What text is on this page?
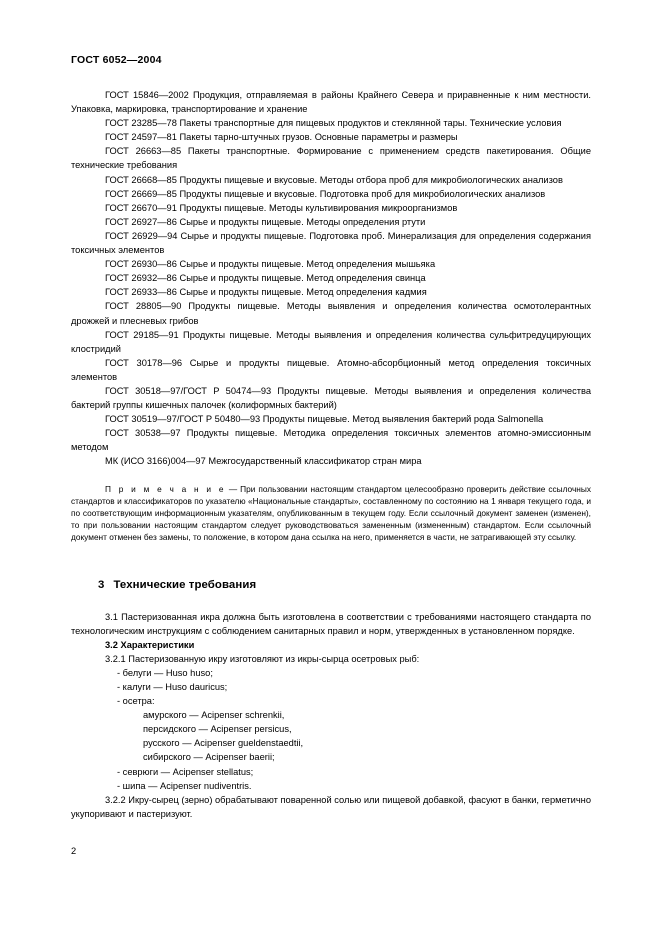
ГОСТ 6052—2004

ГОСТ 15846—2002 Продукция, отправляемая в районы Крайнего Севера и приравненные к ним местности. Упаковка, маркировка, транспортирование и хранение

ГОСТ 23285—78 Пакеты транспортные для пищевых продуктов и стеклянной тары. Технические условия

ГОСТ 24597—81 Пакеты тарно-штучных грузов. Основные параметры и размеры

ГОСТ 26663—85 Пакеты транспортные. Формирование с применением средств пакетирования. Общие технические требования

ГОСТ 26668—85 Продукты пищевые и вкусовые. Методы отбора проб для микробиологических анализов

ГОСТ 26669—85 Продукты пищевые и вкусовые. Подготовка проб для микробиологических анализов

ГОСТ 26670—91 Продукты пищевые. Методы культивирования микроорганизмов

ГОСТ 26927—86 Сырье и продукты пищевые. Методы определения ртути

ГОСТ 26929—94 Сырье и продукты пищевые. Подготовка проб. Минерализация для определения содержания токсичных элементов

ГОСТ 26930—86 Сырье и продукты пищевые. Метод определения мышьяка

ГОСТ 26932—86 Сырье и продукты пищевые. Метод определения свинца

ГОСТ 26933—86 Сырье и продукты пищевые. Метод определения кадмия

ГОСТ 28805—90 Продукты пищевые. Методы выявления и определения количества осмотолерантных дрожжей и плесневых грибов

ГОСТ 29185—91 Продукты пищевые. Методы выявления и определения количества сульфитредуцирующих клостридий

ГОСТ 30178—96 Сырье и продукты пищевые. Атомно-абсорбционный метод определения токсичных элементов

ГОСТ 30518—97/ГОСТ Р 50474—93 Продукты пищевые. Методы выявления и определения количества бактерий группы кишечных палочек (колиформных бактерий)

ГОСТ 30519—97/ГОСТ Р 50480—93 Продукты пищевые. Метод выявления бактерий рода Salmonella

ГОСТ 30538—97 Продукты пищевые. Методика определения токсичных элементов атомно-эмиссионным методом

МК (ИСО 3166)004—97 Межгосударственный классификатор стран мира

П р и м е ч а н и е — При пользовании настоящим стандартом целесообразно проверить действие ссылочных стандартов и классификаторов по указателю «Национальные стандарты», составленному по состоянию на 1 января текущего года, и по соответствующим информационным указателям, опубликованным в текущем году. Если ссылочный документ заменен (изменен), то при пользовании настоящим стандартом следует руководствоваться замененным (измененным) стандартом. Если ссылочный документ отменен без замены, то положение, в котором дана ссылка на него, применяется в части, не затрагивающей эту ссылку.

3 Технические требования

3.1 Пастеризованная икра должна быть изготовлена в соответствии с требованиями настоящего стандарта по технологическим инструкциям с соблюдением санитарных правил и норм, утвержденных в установленном порядке.

3.2 Характеристики

3.2.1 Пастеризованную икру изготовляют из икры-сырца осетровых рыб:

- белуги — Huso huso;

- калуги — Huso dauricus;

- осетра:

амурского — Acipenser schrenkii,

персидского — Acipenser persicus,

русского — Acipenser gueldenstaedtii,

сибирского — Acipenser baerii;

- севрюги — Acipenser stellatus;

- шипа — Acipenser nudiventris.

3.2.2 Икру-сырец (зерно) обрабатывают поваренной солью или пищевой добавкой, фасуют в банки, герметично укупоривают и пастеризуют.

2
